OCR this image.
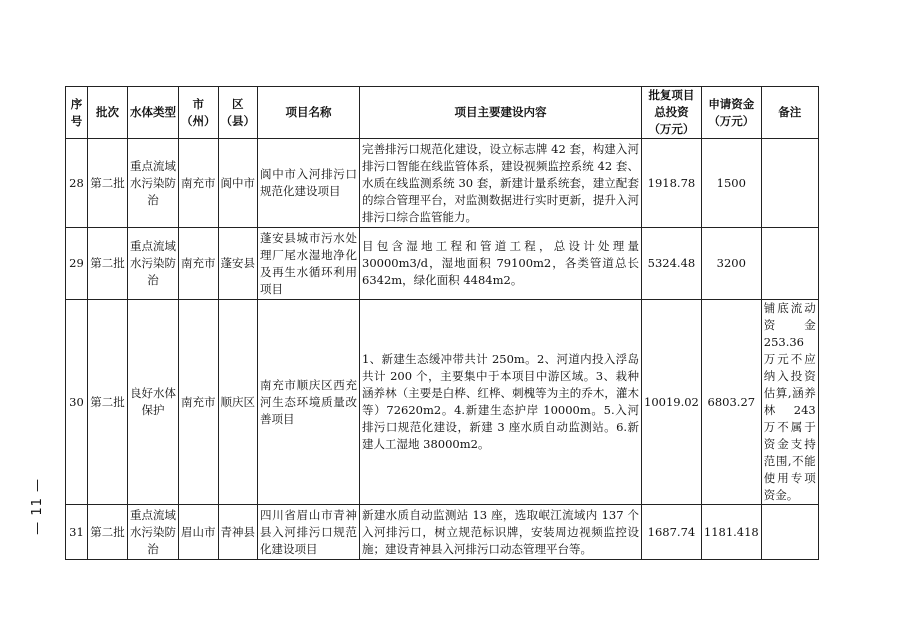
— 11 —
序号	批次	水体类型	市（州）	区（县）	项目名称	项目主要建设内容	批复项目总投资（万元）	申请资金（万元）	备注
28	第二批	重点流域水污染防治	南充市	阆中市	阆中市入河排污口规范化建设项目	完善排污口规范化建设，设立标志牌 42 套，构建入河排污口智能在线监管体系，建设视频监控系统 42 套、水质在线监测系统 30 套，新建计量系统套，建立配套的综合管理平台，对监测数据进行实时更新，提升入河排污口综合监管能力。	1918.78	1500	
29	第二批	重点流域水污染防治	南充市	蓬安县	蓬安县城市污水处理厂尾水湿地净化及再生水循环利用项目	目包含湿地工程和管道工程，总设计处理量 30000m3/d，湿地面积 79100m2，各类管道总长 6342m，绿化面积 4484m2。	5324.48	3200	
30	第二批	良好水体保护	南充市	顺庆区	南充市顺庆区西充河生态环境质量改善项目	1、新建生态缓冲带共计 250m。2、河道内投入浮岛共计 200 个，主要集中于本项目中游区域。3、栽种涵养林（主要是白桦、红桦、刺槐等为主的乔木，灌木等）72620m2。4.新建生态护岸 10000m。5.入河排污口规范化建设，新建 3 座水质自动监测站。6.新建人工湿地 38000m2。	10019.02	6803.27	铺底流动资金 253.36 万元不应纳入投资估算,涵养林 243 万不属于资金支持范围,不能使用专项资金。
31	第二批	重点流域水污染防治	眉山市	青神县	四川省眉山市青神县入河排污口规范化建设项目	新建水质自动监测站 13 座，选取岷江流域内 137 个入河排污口，树立规范标识牌，安装周边视频监控设施；建设青神县入河排污口动态管理平台等。	1687.74	1181.418	
